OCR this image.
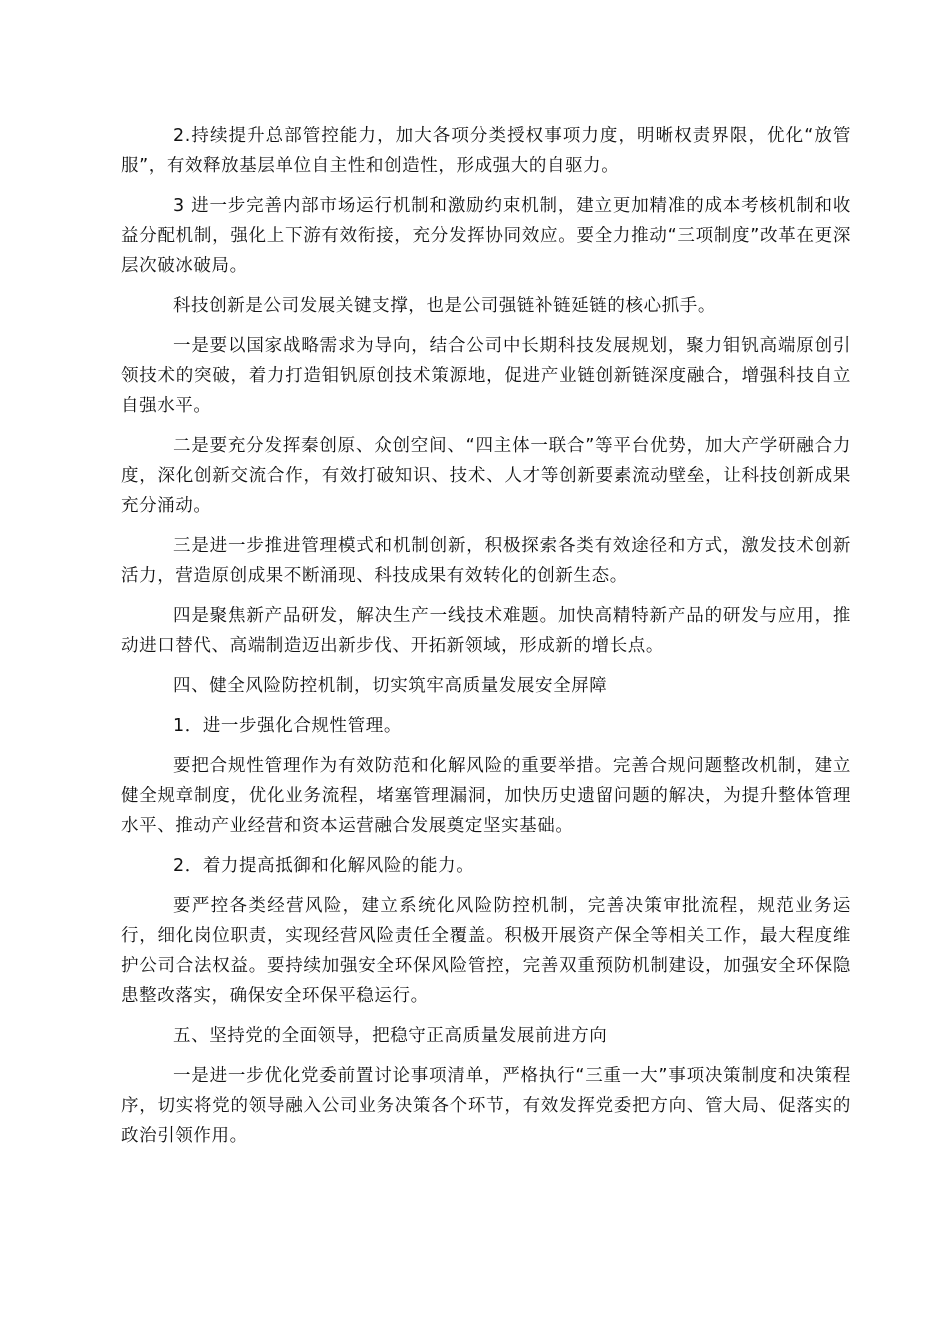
2.持续提升总部管控能力，加大各项分类授权事项力度，明晰权责界限，优化“放管服”，有效释放基层单位自主性和创造性，形成强大的自驱力。

3 进一步完善内部市场运行机制和激励约束机制，建立更加精准的成本考核机制和收益分配机制，强化上下游有效衔接，充分发挥协同效应。要全力推动“三项制度”改革在更深层次破冰破局。

科技创新是公司发展关键支撑，也是公司强链补链延链的核心抓手。

一是要以国家战略需求为导向，结合公司中长期科技发展规划，聚力钼钒高端原创引领技术的突破，着力打造钼钒原创技术策源地，促进产业链创新链深度融合，增强科技自立自强水平。

二是要充分发挥秦创原、众创空间、“四主体一联合”等平台优势，加大产学研融合力度，深化创新交流合作，有效打破知识、技术、人才等创新要素流动壁垒，让科技创新成果充分涌动。

三是进一步推进管理模式和机制创新，积极探索各类有效途径和方式，激发技术创新活力，营造原创成果不断涌现、科技成果有效转化的创新生态。

四是聚焦新产品研发，解决生产一线技术难题。加快高精特新产品的研发与应用，推动进口替代、高端制造迈出新步伐、开拓新领域，形成新的增长点。

四、健全风险防控机制，切实筑牢高质量发展安全屏障

1．进一步强化合规性管理。

要把合规性管理作为有效防范和化解风险的重要举措。完善合规问题整改机制，建立健全规章制度，优化业务流程，堵塞管理漏洞，加快历史遗留问题的解决，为提升整体管理水平、推动产业经营和资本运营融合发展奠定坚实基础。

2．着力提高抵御和化解风险的能力。

要严控各类经营风险，建立系统化风险防控机制，完善决策审批流程，规范业务运行，细化岗位职责，实现经营风险责任全覆盖。积极开展资产保全等相关工作，最大程度维护公司合法权益。要持续加强安全环保风险管控，完善双重预防机制建设，加强安全环保隐患整改落实，确保安全环保平稳运行。

五、坚持党的全面领导，把稳守正高质量发展前进方向

一是进一步优化党委前置讨论事项清单，严格执行“三重一大”事项决策制度和决策程序，切实将党的领导融入公司业务决策各个环节，有效发挥党委把方向、管大局、促落实的政治引领作用。
